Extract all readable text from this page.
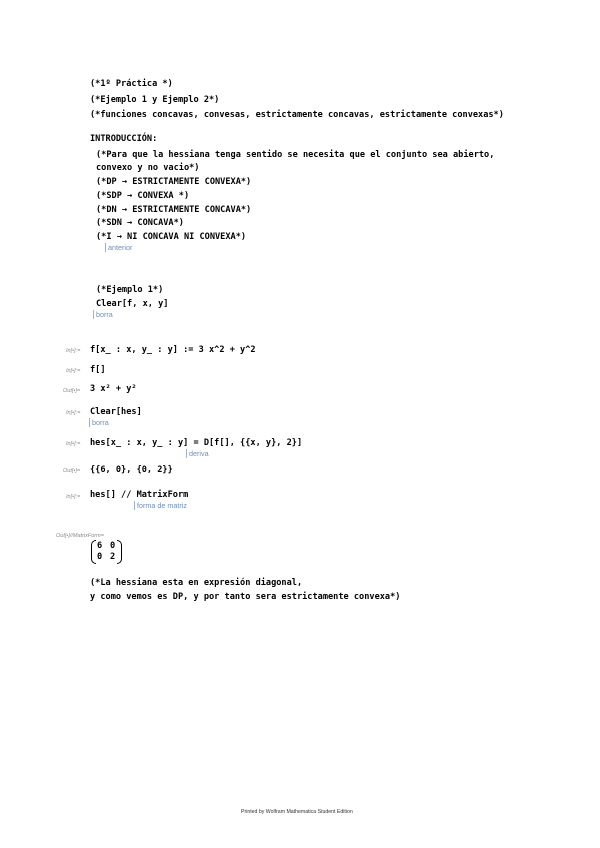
(*1º Práctica *)
(*Ejemplo 1 y Ejemplo 2*)
(*funciones concavas, convesas, estrictamente concavas, estrictamente convexas*)
INTRODUCCIÓN:
(*Para que la hessiana tenga sentido se necesita que el conjunto sea abierto,
convexo y no vacio*)
(*DP → ESTRICTAMENTE CONVEXA*)
(*SDP → CONVEXA *)
(*DN → ESTRICTAMENTE CONCAVA*)
(*SDN → CONCAVA*)
(*I → NI CONCAVA NI CONVEXA*)
anterior
(*Ejemplo 1*)
Clear[f, x, y]
borra
In[•]:= f[x_ : x, y_ : y] := 3 x^2 + y^2
In[•]:= f[]
Out[•]= 3 x² + y²
In[•]:= Clear[hes]
borra
In[•]:= hes[x_ : x, y_ : y] = D[f[], {{x, y}, 2}]
deriva
Out[•]= {{6, 0}, {0, 2}}
In[•]:= hes[] // MatrixForm
forma de matriz
Out[•]//MatrixForm=
6 0
0 2
(*La hessiana esta en expresión diagonal,
y como vemos es DP, y por tanto sera estrictamente convexa*)
Printed by Wolfram Mathematica Student Edition
